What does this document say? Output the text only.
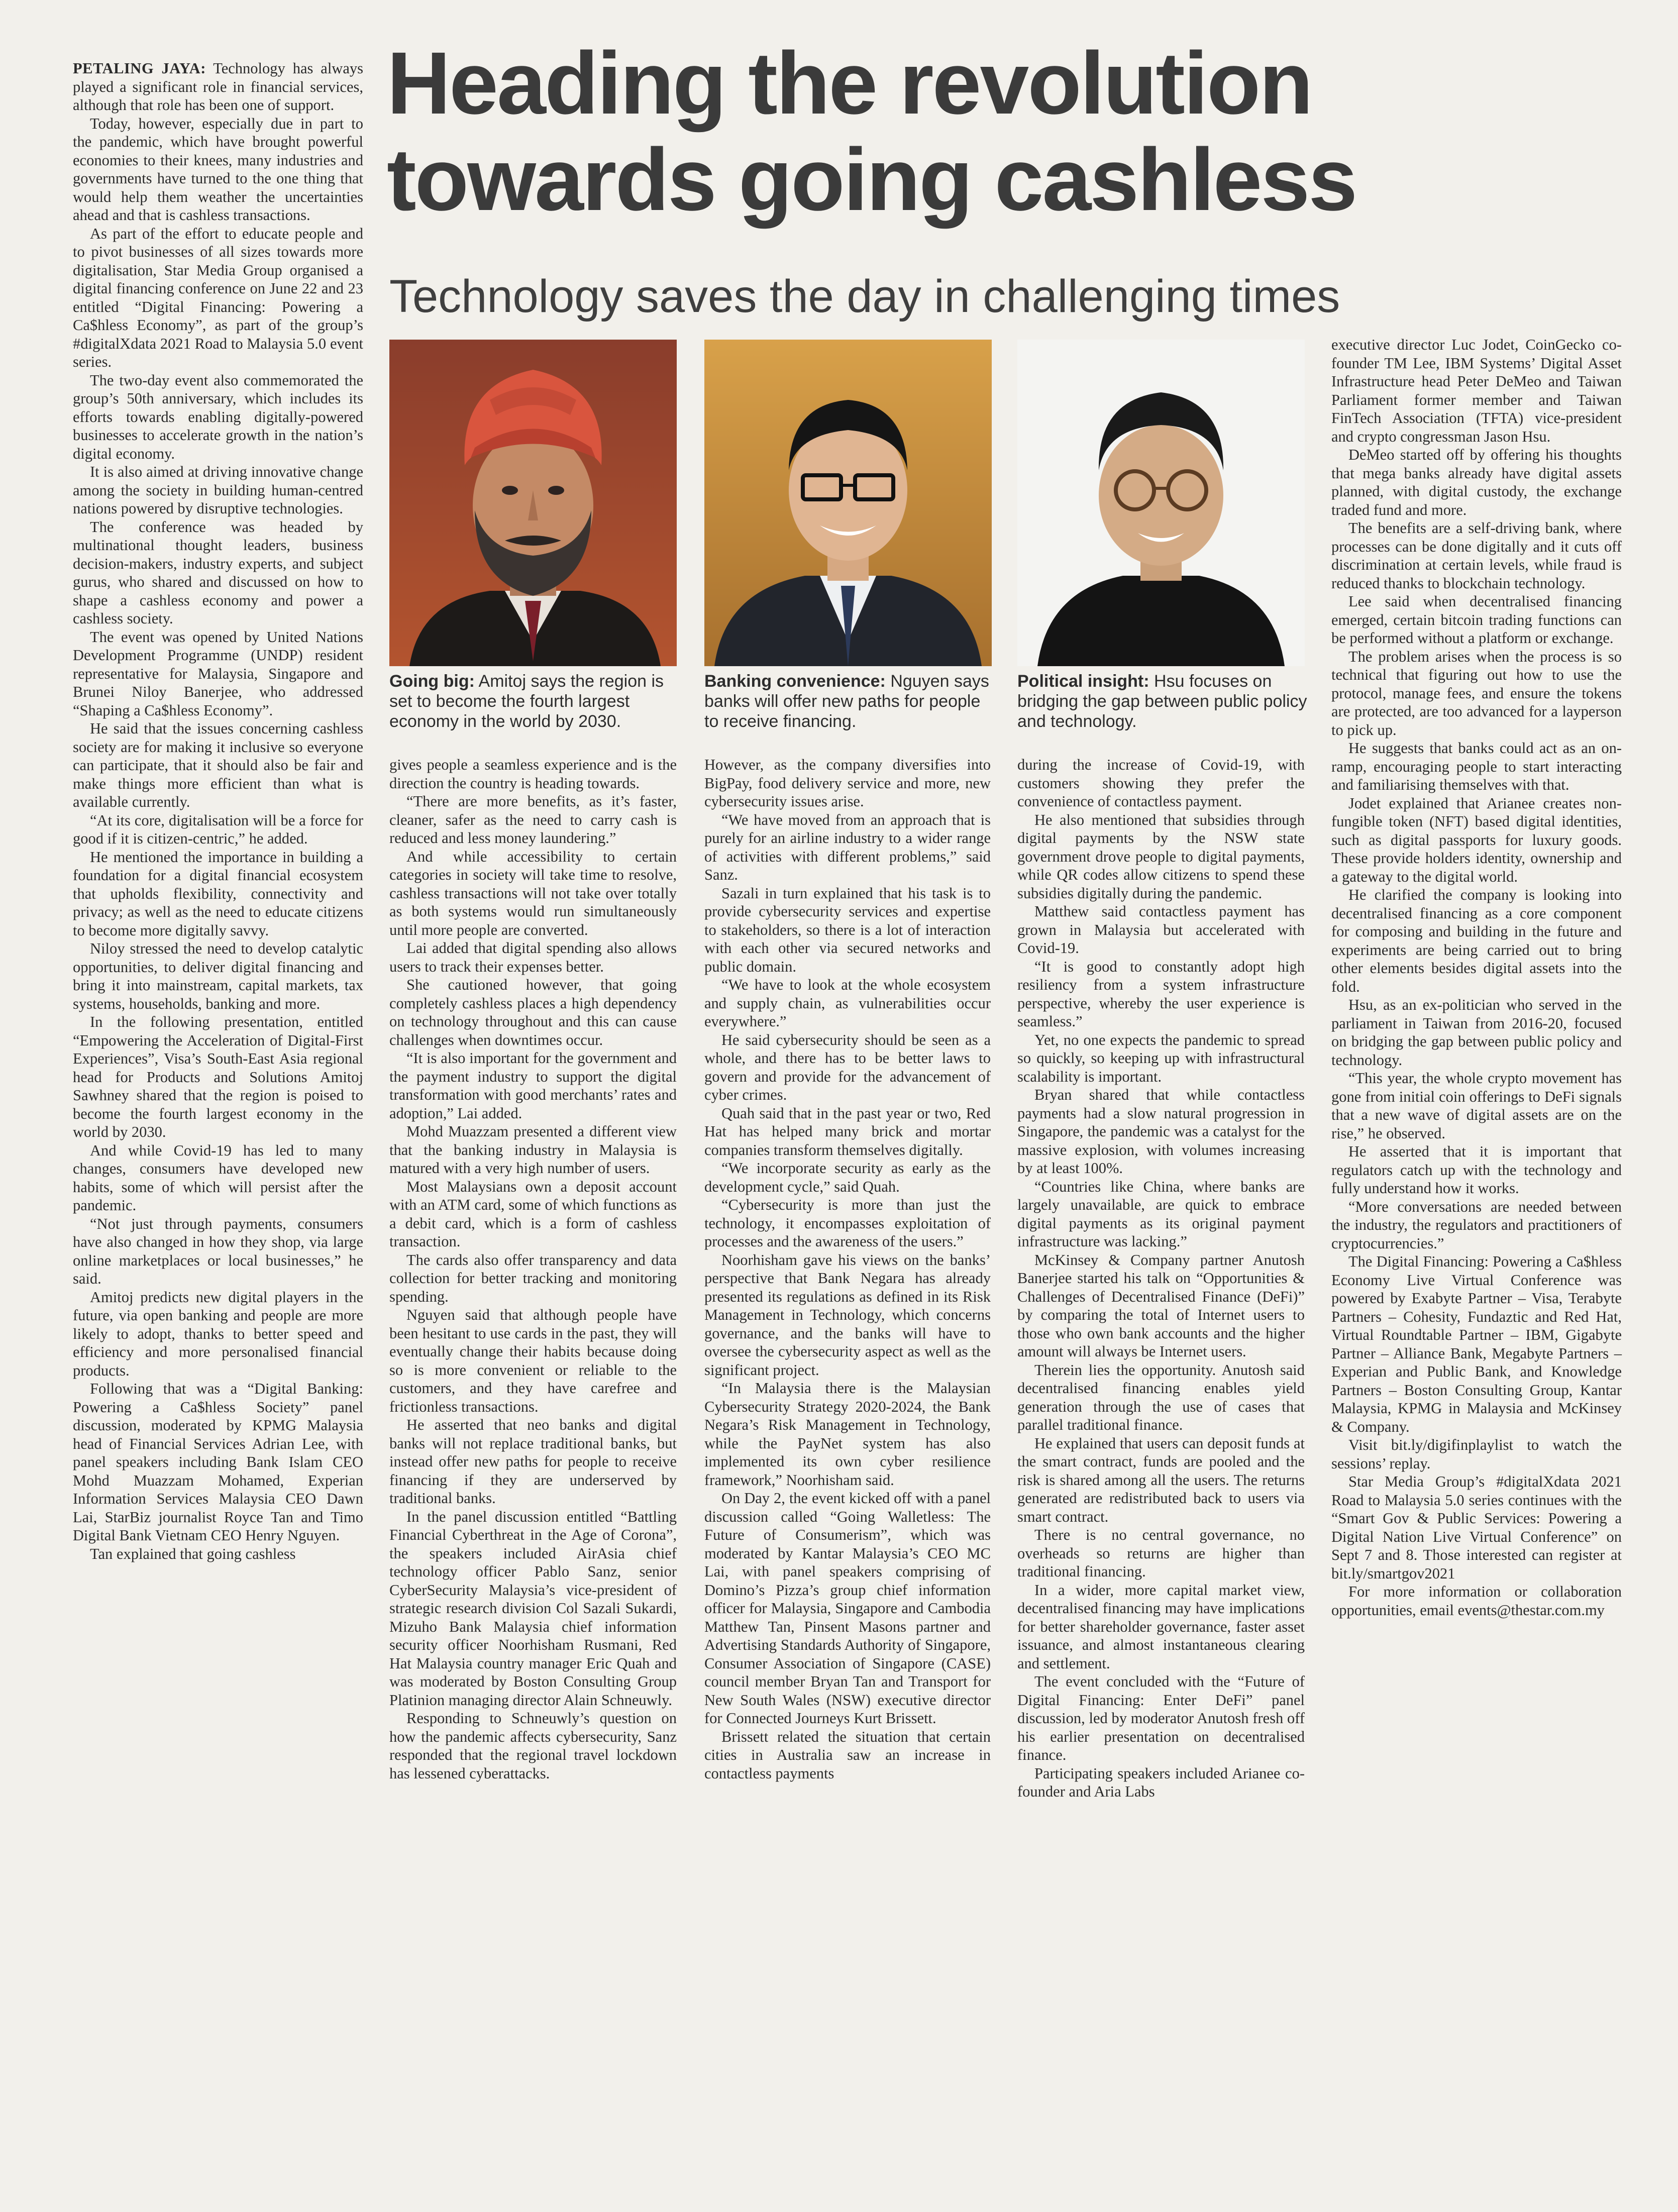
Heading the revolution
towards going cashless
Technology saves the day in challenging times
Going big: Amitoj says the region is set to become the fourth largest economy in the world by 2030.
Banking convenience: Nguyen says banks will offer new paths for people to receive financing.
Political insight: Hsu focuses on bridging the gap between public policy and technology.

PETALING JAYA: Technology has always played a significant role in financial services, although that role has been one of support.

Today, however, especially due in part to the pandemic, which have brought powerful economies to their knees, many industries and governments have turned to the one thing that would help them weather the uncertainties ahead and that is cashless transactions.

As part of the effort to educate people and to pivot businesses of all sizes towards more digitalisation, Star Media Group organised a digital financing conference on June 22 and 23 entitled “Digital Financing: Powering a Ca$hless Economy”, as part of the group’s #digitalXdata 2021 Road to Malaysia 5.0 event series.

The two-day event also commemorated the group’s 50th anniversary, which includes its efforts towards enabling digitally-powered businesses to accelerate growth in the nation’s digital economy.

It is also aimed at driving innovative change among the society in building human-centred nations powered by disruptive technologies.

The conference was headed by multinational thought leaders, business decision-makers, industry experts, and subject gurus, who shared and discussed on how to shape a cashless economy and power a cashless society.

The event was opened by United Nations Development Programme (UNDP) resident representative for Malaysia, Singapore and Brunei Niloy Banerjee, who addressed “Shaping a Ca$hless Economy”.

He said that the issues concerning cashless society are for making it inclusive so everyone can participate, that it should also be fair and make things more efficient than what is available currently.

“At its core, digitalisation will be a force for good if it is citizen-centric,” he added.

He mentioned the importance in building a foundation for a digital financial ecosystem that upholds flexibility, connectivity and privacy; as well as the need to educate citizens to become more digitally savvy.

Niloy stressed the need to develop catalytic opportunities, to deliver digital financing and bring it into mainstream, capital markets, tax systems, households, banking and more.

In the following presentation, entitled “Empowering the Acceleration of Digital-First Experiences”, Visa’s South-East Asia regional head for Products and Solutions Amitoj Sawhney shared that the region is poised to become the fourth largest economy in the world by 2030.

And while Covid-19 has led to many changes, consumers have developed new habits, some of which will persist after the pandemic.

“Not just through payments, consumers have also changed in how they shop, via large online marketplaces or local businesses,” he said.

Amitoj predicts new digital players in the future, via open banking and people are more likely to adopt, thanks to better speed and efficiency and more personalised financial products.

Following that was a “Digital Banking: Powering a Ca$hless Society” panel discussion, moderated by KPMG Malaysia head of Financial Services Adrian Lee, with panel speakers including Bank Islam CEO Mohd Muazzam Mohamed, Experian Information Services Malaysia CEO Dawn Lai, StarBiz journalist Royce Tan and Timo Digital Bank Vietnam CEO Henry Nguyen.

Tan explained that going cashless

gives people a seamless experience and is the direction the country is heading towards.

“There are more benefits, as it’s faster, cleaner, safer as the need to carry cash is reduced and less money laundering.”

And while accessibility to certain categories in society will take time to resolve, cashless transactions will not take over totally as both systems would run simultaneously until more people are converted.

Lai added that digital spending also allows users to track their expenses better.

She cautioned however, that going completely cashless places a high dependency on technology throughout and this can cause challenges when downtimes occur.

“It is also important for the government and the payment industry to support the digital transformation with good merchants’ rates and adoption,” Lai added.

Mohd Muazzam presented a different view that the banking industry in Malaysia is matured with a very high number of users.

Most Malaysians own a deposit account with an ATM card, some of which functions as a debit card, which is a form of cashless transaction.

The cards also offer transparency and data collection for better tracking and monitoring spending.

Nguyen said that although people have been hesitant to use cards in the past, they will eventually change their habits because doing so is more convenient or reliable to the customers, and they have carefree and frictionless transactions.

He asserted that neo banks and digital banks will not replace traditional banks, but instead offer new paths for people to receive financing if they are underserved by traditional banks.

In the panel discussion entitled “Battling Financial Cyberthreat in the Age of Corona”, the speakers included AirAsia chief technology officer Pablo Sanz, senior CyberSecurity Malaysia’s vice-president of strategic research division Col Sazali Sukardi, Mizuho Bank Malaysia chief information security officer Noorhisham Rusmani, Red Hat Malaysia country manager Eric Quah and was moderated by Boston Consulting Group Platinion managing director Alain Schneuwly.

Responding to Schneuwly’s question on how the pandemic affects cybersecurity, Sanz responded that the regional travel lockdown has lessened cyberattacks.

However, as the company diversifies into BigPay, food delivery service and more, new cybersecurity issues arise.

“We have moved from an approach that is purely for an airline industry to a wider range of activities with different problems,” said Sanz.

Sazali in turn explained that his task is to provide cybersecurity services and expertise to stakeholders, so there is a lot of interaction with each other via secured networks and public domain.

“We have to look at the whole ecosystem and supply chain, as vulnerabilities occur everywhere.”

He said cybersecurity should be seen as a whole, and there has to be better laws to govern and provide for the advancement of cyber crimes.

Quah said that in the past year or two, Red Hat has helped many brick and mortar companies transform themselves digitally.

“We incorporate security as early as the development cycle,” said Quah.

“Cybersecurity is more than just the technology, it encompasses exploitation of processes and the awareness of the users.”

Noorhisham gave his views on the banks’ perspective that Bank Negara has already presented its regulations as defined in its Risk Management in Technology, which concerns governance, and the banks will have to oversee the cybersecurity aspect as well as the significant project.

“In Malaysia there is the Malaysian Cybersecurity Strategy 2020-2024, the Bank Negara’s Risk Management in Technology, while the PayNet system has also implemented its own cyber resilience framework,” Noorhisham said.

On Day 2, the event kicked off with a panel discussion called “Going Walletless: The Future of Consumerism”, which was moderated by Kantar Malaysia’s CEO MC Lai, with panel speakers comprising of Domino’s Pizza’s group chief information officer for Malaysia, Singapore and Cambodia Matthew Tan, Pinsent Masons partner and Advertising Standards Authority of Singapore, Consumer Association of Singapore (CASE) council member Bryan Tan and Transport for New South Wales (NSW) executive director for Connected Journeys Kurt Brissett.

Brissett related the situation that certain cities in Australia saw an increase in contactless payments

during the increase of Covid-19, with customers showing they prefer the convenience of contactless payment.

He also mentioned that subsidies through digital payments by the NSW state government drove people to digital payments, while QR codes allow citizens to spend these subsidies digitally during the pandemic.

Matthew said contactless payment has grown in Malaysia but accelerated with Covid-19.

“It is good to constantly adopt high resiliency from a system infrastructure perspective, whereby the user experience is seamless.”

Yet, no one expects the pandemic to spread so quickly, so keeping up with infrastructural scalability is important.

Bryan shared that while contactless payments had a slow natural progression in Singapore, the pandemic was a catalyst for the massive explosion, with volumes increasing by at least 100%.

“Countries like China, where banks are largely unavailable, are quick to embrace digital payments as its original payment infrastructure was lacking.”

McKinsey & Company partner Anutosh Banerjee started his talk on “Opportunities & Challenges of Decentralised Finance (DeFi)” by comparing the total of Internet users to those who own bank accounts and the higher amount will always be Internet users.

Therein lies the opportunity. Anutosh said decentralised financing enables yield generation through the use of cases that parallel traditional finance.

He explained that users can deposit funds at the smart contract, funds are pooled and the risk is shared among all the users. The returns generated are redistributed back to users via smart contract.

There is no central governance, no overheads so returns are higher than traditional financing.

In a wider, more capital market view, decentralised financing may have implications for better shareholder governance, faster asset issuance, and almost instantaneous clearing and settlement.

The event concluded with the “Future of Digital Financing: Enter DeFi” panel discussion, led by moderator Anutosh fresh off his earlier presentation on decentralised finance.

Participating speakers included Arianee co-founder and Aria Labs

executive director Luc Jodet, CoinGecko co-founder TM Lee, IBM Systems’ Digital Asset Infrastructure head Peter DeMeo and Taiwan Parliament former member and Taiwan FinTech Association (TFTA) vice-president and crypto congressman Jason Hsu.

DeMeo started off by offering his thoughts that mega banks already have digital assets planned, with digital custody, the exchange traded fund and more.

The benefits are a self-driving bank, where processes can be done digitally and it cuts off discrimination at certain levels, while fraud is reduced thanks to blockchain technology.

Lee said when decentralised financing emerged, certain bitcoin trading functions can be performed without a platform or exchange.

The problem arises when the process is so technical that figuring out how to use the protocol, manage fees, and ensure the tokens are protected, are too advanced for a layperson to pick up.

He suggests that banks could act as an on-ramp, encouraging people to start interacting and familiarising themselves with that.

Jodet explained that Arianee creates non-fungible token (NFT) based digital identities, such as digital passports for luxury goods. These provide holders identity, ownership and a gateway to the digital world.

He clarified the company is looking into decentralised financing as a core component for composing and building in the future and experiments are being carried out to bring other elements besides digital assets into the fold.

Hsu, as an ex-politician who served in the parliament in Taiwan from 2016-20, focused on bridging the gap between public policy and technology.

“This year, the whole crypto movement has gone from initial coin offerings to DeFi signals that a new wave of digital assets are on the rise,” he observed.

He asserted that it is important that regulators catch up with the technology and fully understand how it works.

“More conversations are needed between the industry, the regulators and practitioners of cryptocurrencies.”

The Digital Financing: Powering a Ca$hless Economy Live Virtual Conference was powered by Exabyte Partner – Visa, Terabyte Partners – Cohesity, Fundaztic and Red Hat, Virtual Roundtable Partner – IBM, Gigabyte Partner – Alliance Bank, Megabyte Partners – Experian and Public Bank, and Knowledge Partners – Boston Consulting Group, Kantar Malaysia, KPMG in Malaysia and McKinsey & Company.

Visit bit.ly/digifinplaylist to watch the sessions’ replay.

Star Media Group’s #digitalXdata 2021 Road to Malaysia 5.0 series continues with the “Smart Gov & Public Services: Powering a Digital Nation Live Virtual Conference” on Sept 7 and 8. Those interested can register at bit.ly/smartgov2021

For more information or collaboration opportunities, email events@thestar.com.my
